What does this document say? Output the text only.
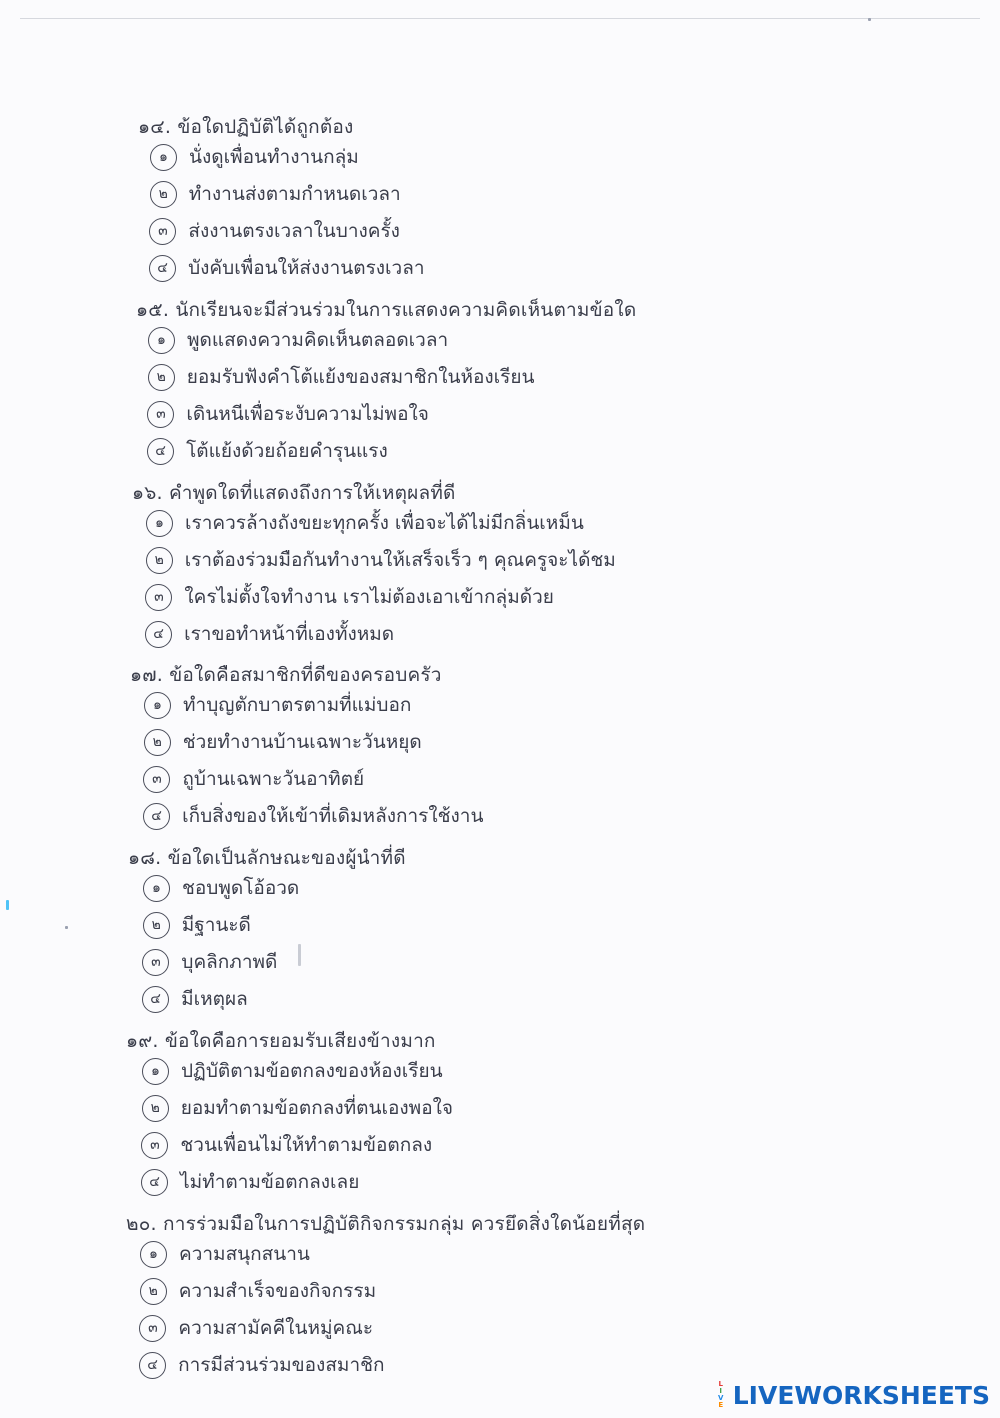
๑๔. ข้อใดปฏิบัติได้ถูกต้อง
๑	นั่งดูเพื่อนทำงานกลุ่ม
๒	ทำงานส่งตามกำหนดเวลา
๓	ส่งงานตรงเวลาในบางครั้ง
๔	บังคับเพื่อนให้ส่งงานตรงเวลา
๑๕. นักเรียนจะมีส่วนร่วมในการแสดงความคิดเห็นตามข้อใด
๑	พูดแสดงความคิดเห็นตลอดเวลา
๒	ยอมรับฟังคำโต้แย้งของสมาชิกในห้องเรียน
๓	เดินหนีเพื่อระงับความไม่พอใจ
๔	โต้แย้งด้วยถ้อยคำรุนแรง
๑๖. คำพูดใดที่แสดงถึงการให้เหตุผลที่ดี
๑	เราควรล้างถังขยะทุกครั้ง เพื่อจะได้ไม่มีกลิ่นเหม็น
๒	เราต้องร่วมมือกันทำงานให้เสร็จเร็ว ๆ คุณครูจะได้ชม
๓	ใครไม่ตั้งใจทำงาน เราไม่ต้องเอาเข้ากลุ่มด้วย
๔	เราขอทำหน้าที่เองทั้งหมด
๑๗. ข้อใดคือสมาชิกที่ดีของครอบครัว
๑	ทำบุญตักบาตรตามที่แม่บอก
๒	ช่วยทำงานบ้านเฉพาะวันหยุด
๓	ถูบ้านเฉพาะวันอาทิตย์
๔	เก็บสิ่งของให้เข้าที่เดิมหลังการใช้งาน
๑๘. ข้อใดเป็นลักษณะของผู้นำที่ดี
๑	ชอบพูดโอ้อวด
๒	มีฐานะดี
๓	บุคลิกภาพดี
๔	มีเหตุผล
๑๙. ข้อใดคือการยอมรับเสียงข้างมาก
๑	ปฏิบัติตามข้อตกลงของห้องเรียน
๒	ยอมทำตามข้อตกลงที่ตนเองพอใจ
๓	ชวนเพื่อนไม่ให้ทำตามข้อตกลง
๔	ไม่ทำตามข้อตกลงเลย
๒๐. การร่วมมือในการปฏิบัติกิจกรรมกลุ่ม ควรยึดสิ่งใดน้อยที่สุด
๑	ความสนุกสนาน
๒	ความสำเร็จของกิจกรรม
๓	ความสามัคคีในหมู่คณะ
๔	การมีส่วนร่วมของสมาชิก
L
I
V
E LIVEWORKSHEETS
